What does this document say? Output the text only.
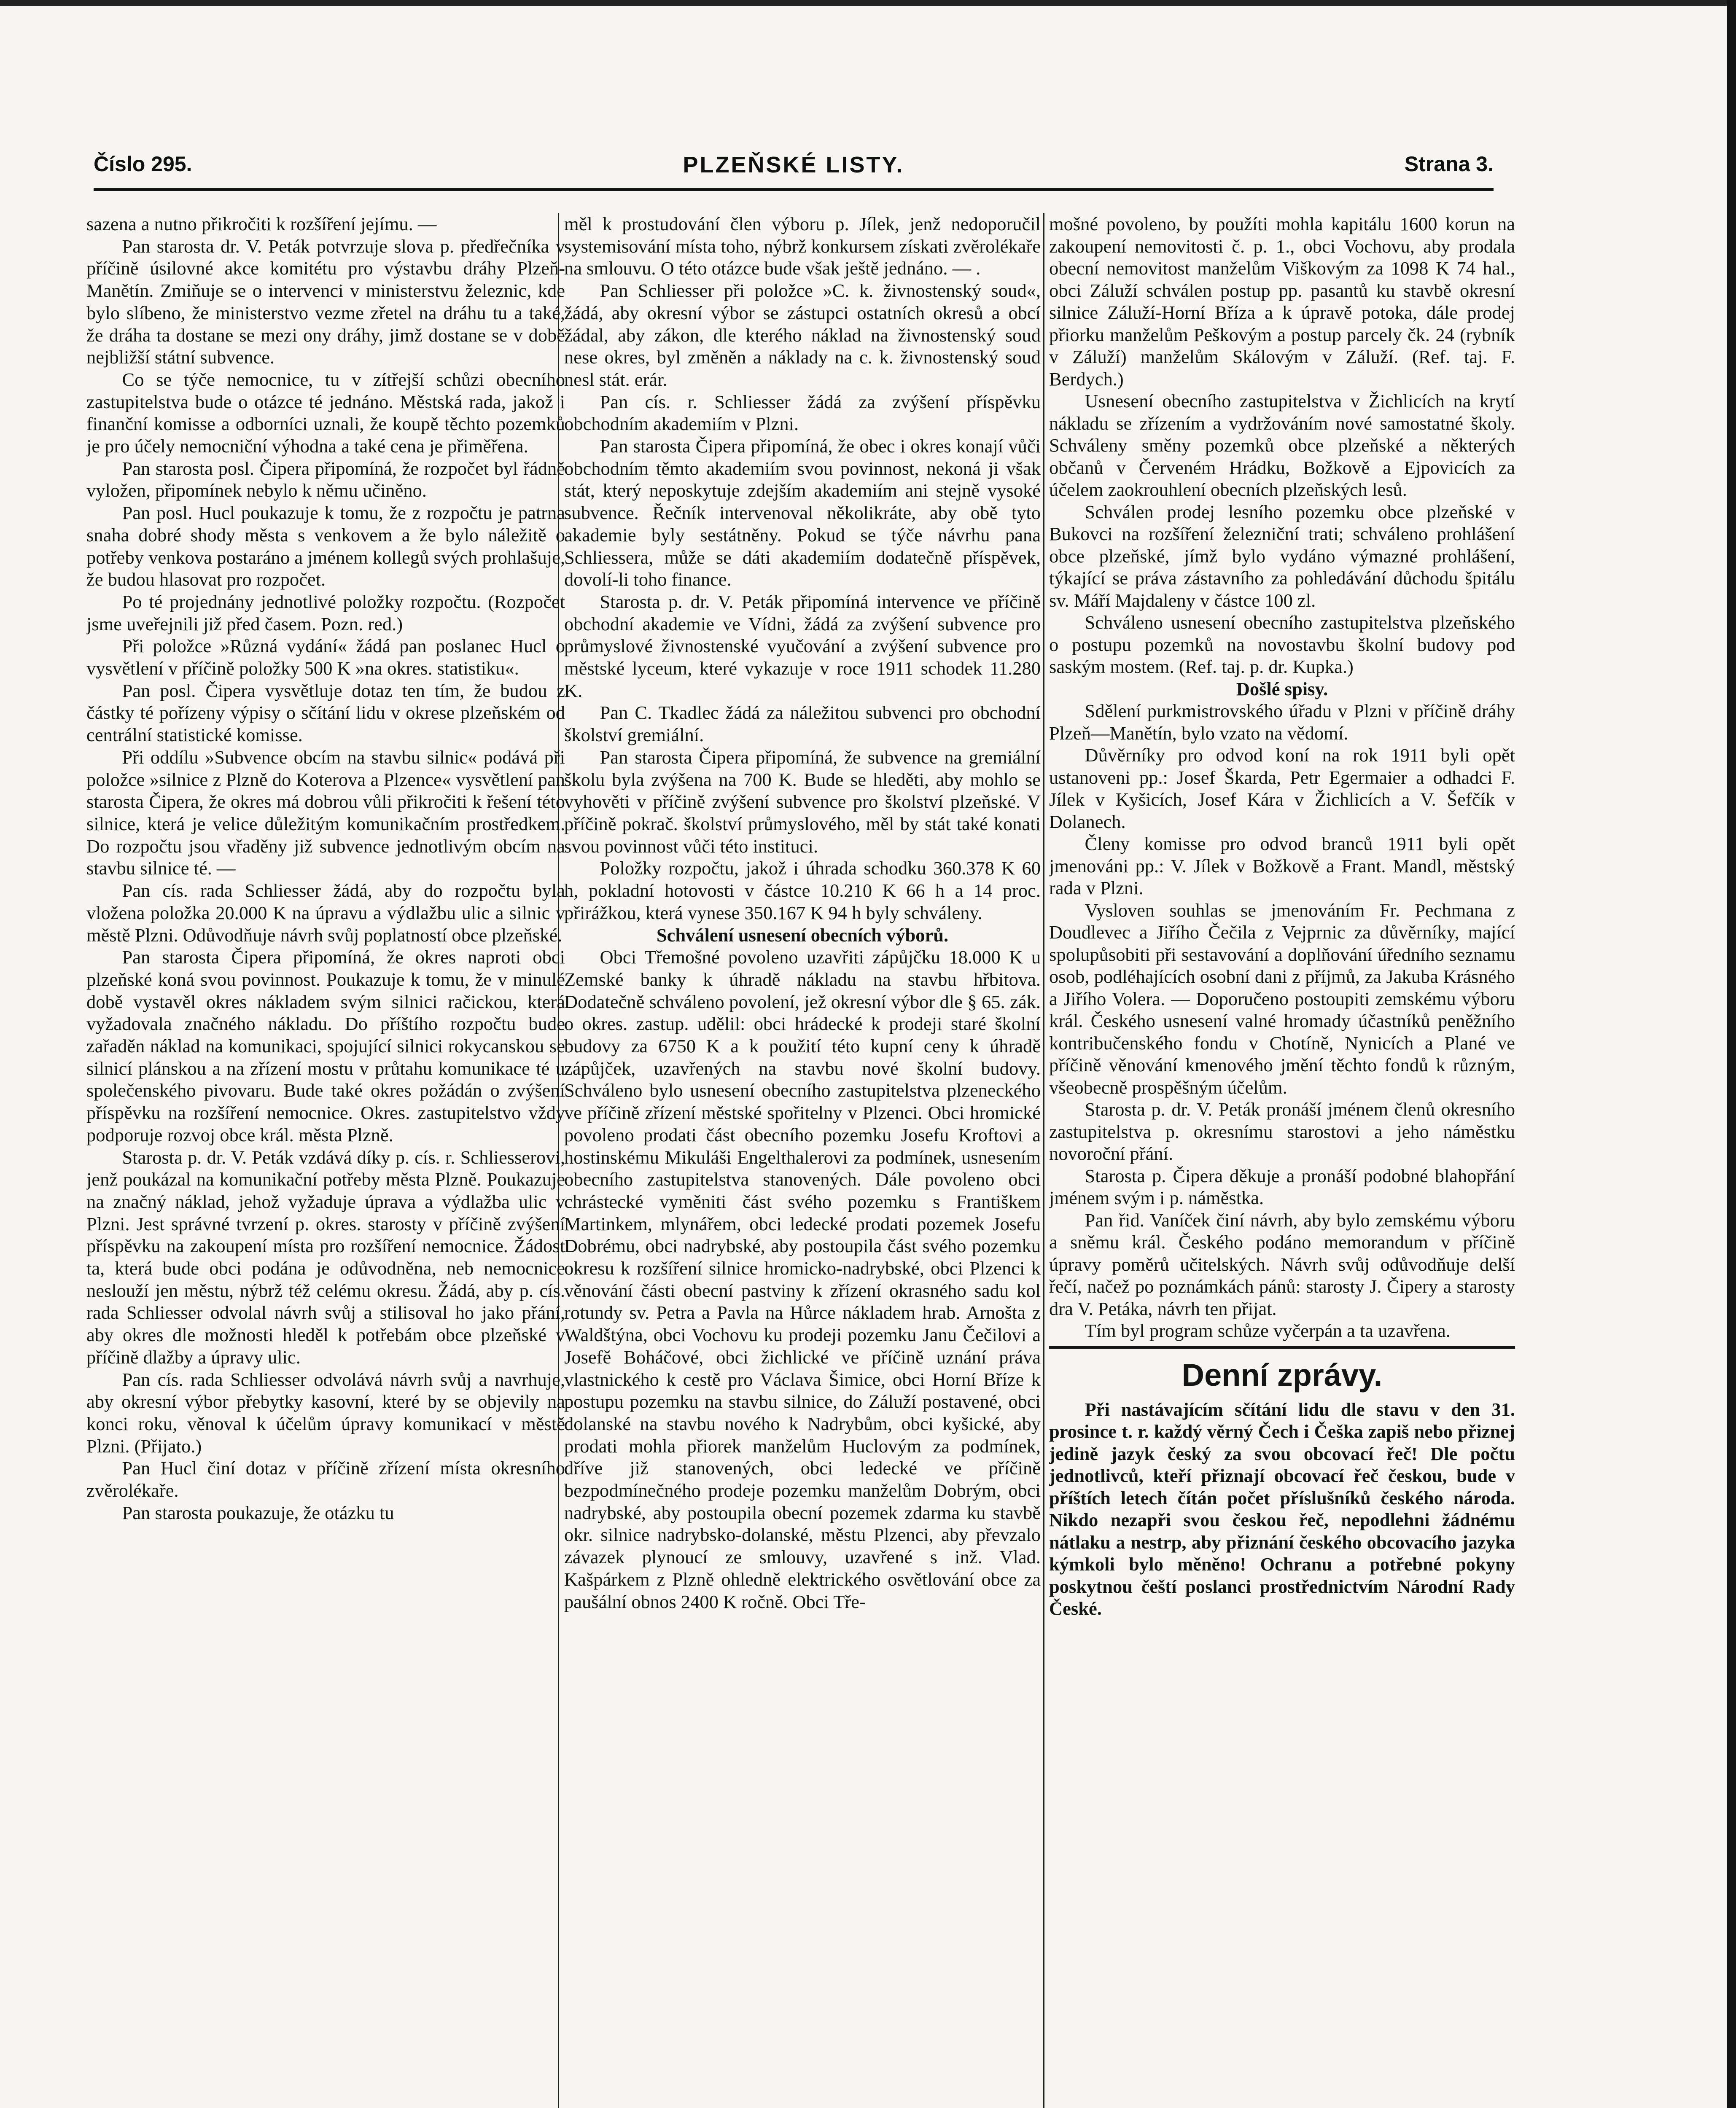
Číslo 295.	PLZEŇSKÉ LISTY.	Strana 3.

sazena a nutno přikročiti k rozšíření jejímu. —

Pan starosta dr. V. Peták potvrzuje slova p. předřečníka v příčině úsilovné akce komitétu pro výstavbu dráhy Plzeň-Manětín. Zmiňuje se o intervenci v ministerstvu železnic, kde bylo slíbeno, že ministerstvo vezme zřetel na dráhu tu a také, že dráha ta dostane se mezi ony dráhy, jimž dostane se v době nejbližší státní subvence.

Co se týče nemocnice, tu v zítřejší schůzi obecního zastupitelstva bude o otázce té jednáno. Městská rada, jakož i finanční komisse a odborníci uznali, že koupě těchto pozemků je pro účely nemocniční výhodna a také cena je přiměřena.

Pan starosta posl. Čipera připomíná, že rozpočet byl řádně vyložen, připomínek nebylo k němu učiněno.

Pan posl. Hucl poukazuje k tomu, že z rozpočtu je patrna snaha dobré shody města s venkovem a že bylo náležitě o potřeby venkova postaráno a jménem kollegů svých prohlašuje, že budou hlasovat pro rozpočet.

Po té projednány jednotlivé položky rozpočtu. (Rozpočet jsme uveřejnili již před časem. Pozn. red.)

Při položce »Různá vydání« žádá pan poslanec Hucl o vysvětlení v příčině položky 500 K »na okres. statistiku«.

Pan posl. Čipera vysvětluje dotaz ten tím, že budou z částky té pořízeny výpisy o sčítání lidu v okrese plzeňském od centrální statistické komisse.

Při oddílu »Subvence obcím na stavbu silnic« podává při položce »silnice z Plzně do Koterova a Plzence« vysvětlení pan starosta Čipera, že okres má dobrou vůli přikročiti k řešení této silnice, která je velice důležitým komunikačním prostředkem. Do rozpočtu jsou vřaděny již subvence jednotlivým obcím na stavbu silnice té. —

Pan cís. rada Schliesser žádá, aby do rozpočtu byla vložena položka 20.000 K na úpravu a výdlažbu ulic a silnic v městě Plzni. Odůvodňuje návrh svůj poplatností obce plzeňské.

Pan starosta Čipera připomíná, že okres naproti obci plzeňské koná svou povinnost. Poukazuje k tomu, že v minulé době vystavěl okres nákladem svým silnici račickou, která vyžadovala značného nákladu. Do příštího rozpočtu bude zařaděn náklad na komunikaci, spojující silnici rokycanskou se silnicí plánskou a na zřízení mostu v průtahu komunikace té u společenského pivovaru. Bude také okres požádán o zvýšení příspěvku na rozšíření nemocnice. Okres. zastupitelstvo vždy podporuje rozvoj obce král. města Plzně.

Starosta p. dr. V. Peták vzdává díky p. cís. r. Schliesserovi, jenž poukázal na komunikační potřeby města Plzně. Poukazuje na značný náklad, jehož vyžaduje úprava a výdlažba ulic v Plzni. Jest správné tvrzení p. okres. starosty v příčině zvýšení příspěvku na zakoupení místa pro rozšíření nemocnice. Žádost ta, která bude obci podána je odůvodněna, neb nemocnice neslouží jen městu, nýbrž též celému okresu. Žádá, aby p. cís. rada Schliesser odvolal návrh svůj a stilisoval ho jako přání, aby okres dle možnosti hleděl k potřebám obce plzeňské v příčině dlažby a úpravy ulic.

Pan cís. rada Schliesser odvolává návrh svůj a navrhuje, aby okresní výbor přebytky kasovní, které by se objevily na konci roku, věnoval k účelům úpravy komunikací v městě Plzni. (Přijato.)

Pan Hucl činí dotaz v příčině zřízení místa okresního zvěrolékaře.

Pan starosta poukazuje, že otázku tu

měl k prostudování člen výboru p. Jílek, jenž nedoporučil systemisování místa toho, nýbrž konkursem získati zvěrolékaře na smlouvu. O této otázce bude však ještě jednáno. — .

Pan Schliesser při položce »C. k. živnostenský soud«, žádá, aby okresní výbor se zástupci ostatních okresů a obcí žádal, aby zákon, dle kterého náklad na živnostenský soud nese okres, byl změněn a náklady na c. k. živnostenský soud nesl stát. erár.

Pan cís. r. Schliesser žádá za zvýšení příspěvku obchodním akademiím v Plzni.

Pan starosta Čipera připomíná, že obec i okres konají vůči obchodním těmto akademiím svou povinnost, nekoná ji však stát, který neposkytuje zdejším akademiím ani stejně vysoké subvence. Řečník intervenoval několikráte, aby obě tyto akademie byly sestátněny. Pokud se týče návrhu pana Schliessera, může se dáti akademiím dodatečně příspěvek, dovolí-li toho finance.

Starosta p. dr. V. Peták připomíná intervence ve příčině obchodní akademie ve Vídni, žádá za zvýšení subvence pro průmyslové živnostenské vyučování a zvýšení subvence pro městské lyceum, které vykazuje v roce 1911 schodek 11.280 K.

Pan C. Tkadlec žádá za náležitou subvenci pro obchodní školství gremiální.

Pan starosta Čipera připomíná, že subvence na gremiální školu byla zvýšena na 700 K. Bude se hleděti, aby mohlo se vyhověti v příčině zvýšení subvence pro školství plzeňské. V příčině pokrač. školství průmyslového, měl by stát také konati svou povinnost vůči této instituci.

Položky rozpočtu, jakož i úhrada schodku 360.378 K 60 h, pokladní hotovosti v částce 10.210 K 66 h a 14 proc. přirážkou, která vynese 350.167 K 94 h byly schváleny.

Schválení usnesení obecních výborů.

Obci Třemošné povoleno uzavřiti zápůjčku 18.000 K u Zemské banky k úhradě nákladu na stavbu hřbitova. Dodatečně schváleno povolení, jež okresní výbor dle § 65. zák. o okres. zastup. udělil: obci hrádecké k prodeji staré školní budovy za 6750 K a k použití této kupní ceny k úhradě zápůjček, uzavřených na stavbu nové školní budovy. Schváleno bylo usnesení obecního zastupitelstva plzeneckého ve příčině zřízení městské spořitelny v Plzenci. Obci hromické povoleno prodati část obecního pozemku Josefu Kroftovi a hostinskému Mikuláši Engelthalerovi za podmínek, usnesením obecního zastupitelstva stanovených. Dále povoleno obci chrástecké vyměniti část svého pozemku s Františkem Martinkem, mlynářem, obci ledecké prodati pozemek Josefu Dobrému, obci nadrybské, aby postoupila část svého pozemku okresu k rozšíření silnice hromicko-nadrybské, obci Plzenci k věnování části obecní pastviny k zřízení okrasného sadu kol rotundy sv. Petra a Pavla na Hůrce nákladem hrab. Arnošta z Waldštýna, obci Vochovu ku prodeji pozemku Janu Čečilovi a Josefě Boháčové, obci žichlické ve příčině uznání práva vlastnického k cestě pro Václava Šimice, obci Horní Bříze k postupu pozemku na stavbu silnice, do Záluží postavené, obci dolanské na stavbu nového k Nadrybům, obci kyšické, aby prodati mohla přiorek manželům Huclovým za podmínek, dříve již stanovených, obci ledecké ve příčině bezpodmínečného prodeje pozemku manželům Dobrým, obci nadrybské, aby postoupila obecní pozemek zdarma ku stavbě okr. silnice nadrybsko-dolanské, městu Plzenci, aby převzalo závazek plynoucí ze smlouvy, uzavřené s inž. Vlad. Kašpárkem z Plzně ohledně elektrického osvětlování obce za paušální obnos 2400 K ročně. Obci Tře-

mošné povoleno, by použíti mohla kapitálu 1600 korun na zakoupení nemovitosti č. p. 1., obci Vochovu, aby prodala obecní nemovitost manželům Viškovým za 1098 K 74 hal., obci Záluží schválen postup pp. pasantů ku stavbě okresní silnice Záluží-Horní Bříza a k úpravě potoka, dále prodej přiorku manželům Peškovým a postup parcely čk. 24 (rybník v Záluží) manželům Skálovým v Záluží. (Ref. taj. F. Berdych.)

Usnesení obecního zastupitelstva v Žichlicích na krytí nákladu se zřízením a vydržováním nové samostatné školy. Schváleny směny pozemků obce plzeňské a některých občanů v Červeném Hrádku, Božkově a Ejpovicích za účelem zaokrouhlení obecních plzeňských lesů.

Schválen prodej lesního pozemku obce plzeňské v Bukovci na rozšíření železniční trati; schváleno prohlášení obce plzeňské, jímž bylo vydáno výmazné prohlášení, týkající se práva zástavního za pohledávání důchodu špitálu sv. Máří Majdaleny v částce 100 zl.

Schváleno usnesení obecního zastupitelstva plzeňského o postupu pozemků na novostavbu školní budovy pod saským mostem. (Ref. taj. p. dr. Kupka.)

Došlé spisy.

Sdělení purkmistrovského úřadu v Plzni v příčině dráhy Plzeň—Manětín, bylo vzato na vědomí.

Důvěrníky pro odvod koní na rok 1911 byli opět ustanoveni pp.: Josef Škarda, Petr Egermaier a odhadci F. Jílek v Kyšicích, Josef Kára v Žichlicích a V. Šefčík v Dolanech.

Členy komisse pro odvod branců 1911 byli opět jmenováni pp.: V. Jílek v Božkově a Frant. Mandl, městský rada v Plzni.

Vysloven souhlas se jmenováním Fr. Pechmana z Doudlevec a Jiřího Čečila z Vejprnic za důvěrníky, mající spolupůsobiti při sestavování a doplňování úředního seznamu osob, podléhajících osobní dani z příjmů, za Jakuba Krásného a Jiřího Volera. — Doporučeno postoupiti zemskému výboru král. Českého usnesení valné hromady účastníků peněžního kontribučenského fondu v Chotíně, Nynicích a Plané ve příčině věnování kmenového jmění těchto fondů k různým, všeobecně prospěšným účelům.

Starosta p. dr. V. Peták pronáší jménem členů okresního zastupitelstva p. okresnímu starostovi a jeho náměstku novoroční přání.

Starosta p. Čipera děkuje a pronáší podobné blahopřání jménem svým i p. náměstka.

Pan řid. Vaníček činí návrh, aby bylo zemskému výboru a sněmu král. Českého podáno memorandum v příčině úpravy poměrů učitelských. Návrh svůj odůvodňuje delší řečí, načež po poznámkách pánů: starosty J. Čipery a starosty dra V. Petáka, návrh ten přijat.

Tím byl program schůze vyčerpán a ta uzavřena.

Denní zprávy.

Při nastávajícím sčítání lidu dle stavu v den 31. prosince t. r. každý věrný Čech i Češka zapiš nebo přiznej jedině jazyk český za svou obcovací řeč! Dle počtu jednotlivců, kteří přiznají obcovací řeč českou, bude v příštích letech čítán počet příslušníků českého národa. Nikdo nezapři svou českou řeč, nepodlehni žádnému nátlaku a nestrp, aby přiznání českého obcovacího jazyka kýmkoli bylo měněno! Ochranu a potřebné pokyny poskytnou čeští poslanci prostřednictvím Národní Rady České.
